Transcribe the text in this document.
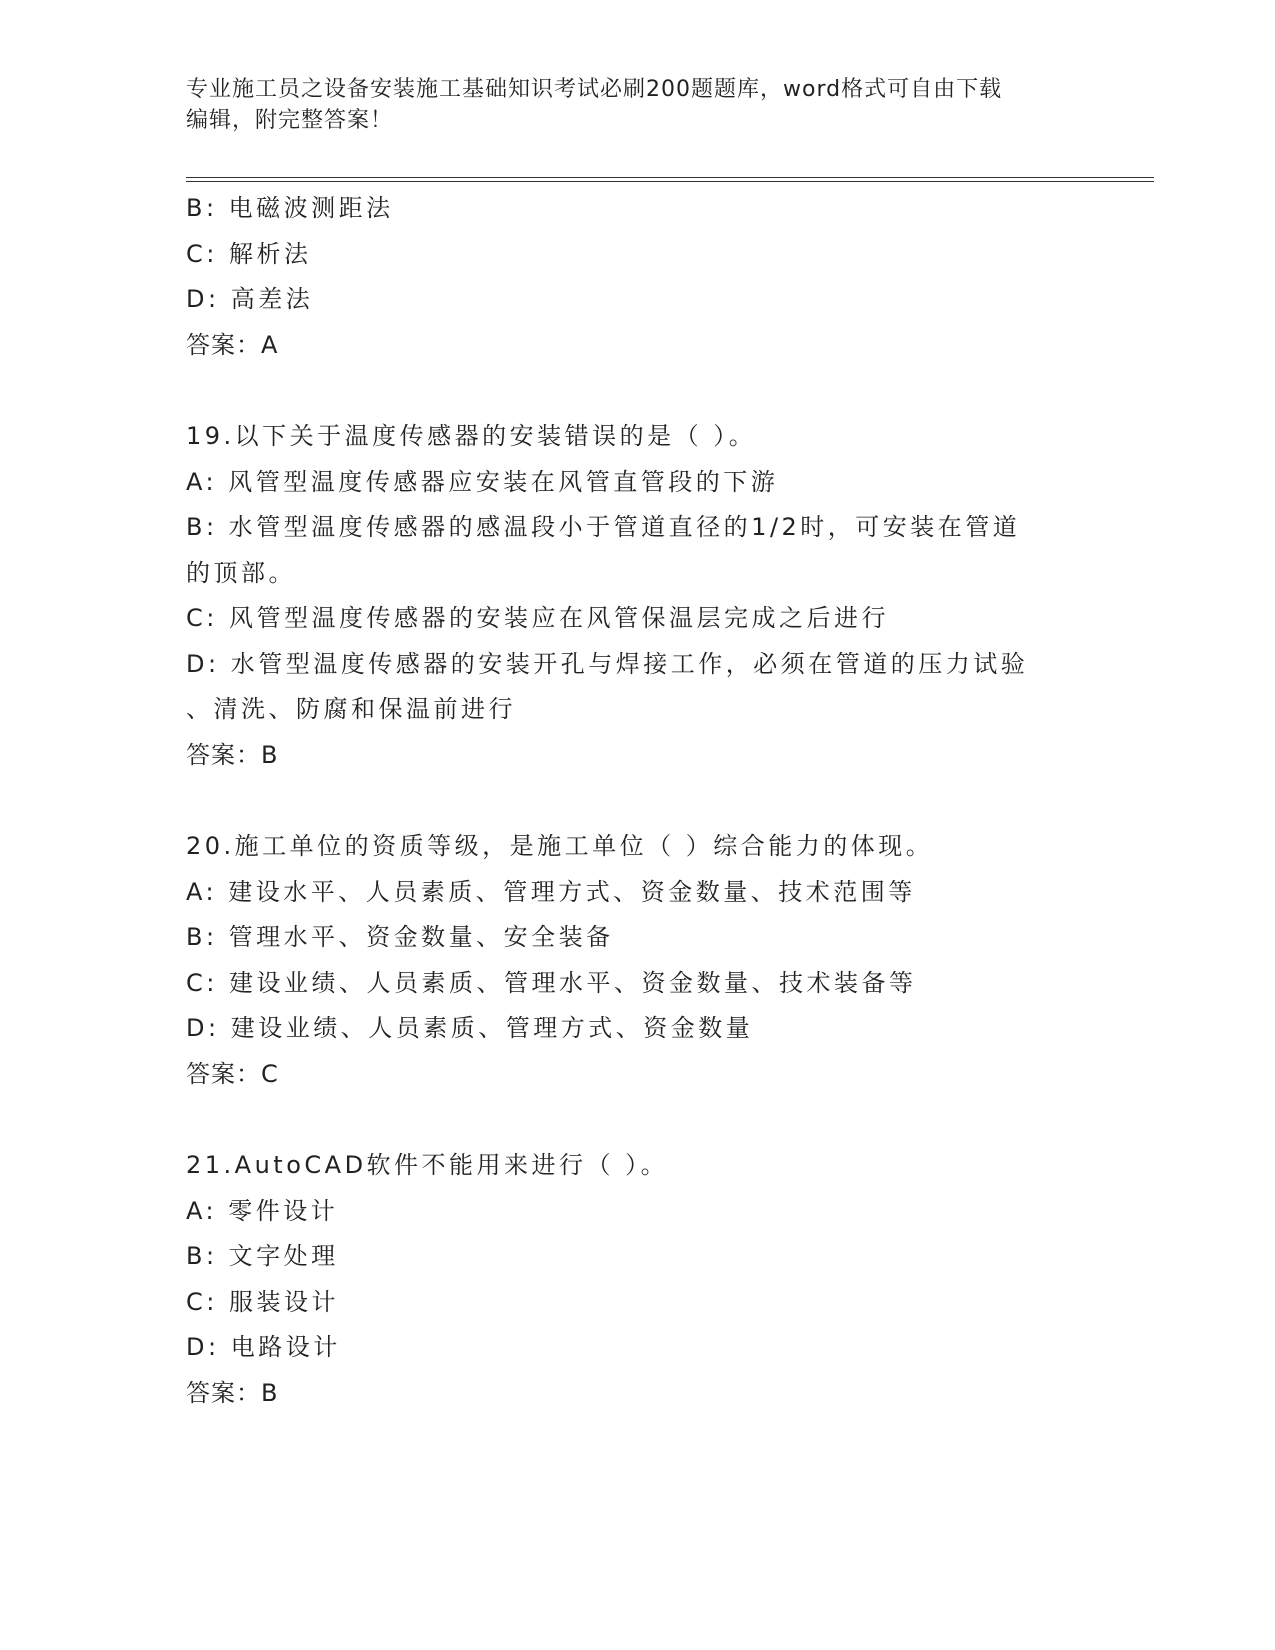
专业施工员之设备安装施工基础知识考试必刷200题题库，word格式可自由下载
编辑，附完整答案！
B: 电磁波测距法
C: 解析法
D: 高差法
答案：A
19.以下关于温度传感器的安装错误的是（ ）。
A: 风管型温度传感器应安装在风管直管段的下游
B: 水管型温度传感器的感温段小于管道直径的1/2时，可安装在管道
的顶部。
C: 风管型温度传感器的安装应在风管保温层完成之后进行
D: 水管型温度传感器的安装开孔与焊接工作，必须在管道的压力试验
、清洗、防腐和保温前进行
答案：B
20.施工单位的资质等级，是施工单位（ ）综合能力的体现。
A: 建设水平、人员素质、管理方式、资金数量、技术范围等
B: 管理水平、资金数量、安全装备
C: 建设业绩、人员素质、管理水平、资金数量、技术装备等
D: 建设业绩、人员素质、管理方式、资金数量
答案：C
21.AutoCAD软件不能用来进行（ ）。
A: 零件设计
B: 文字处理
C: 服装设计
D: 电路设计
答案：B
